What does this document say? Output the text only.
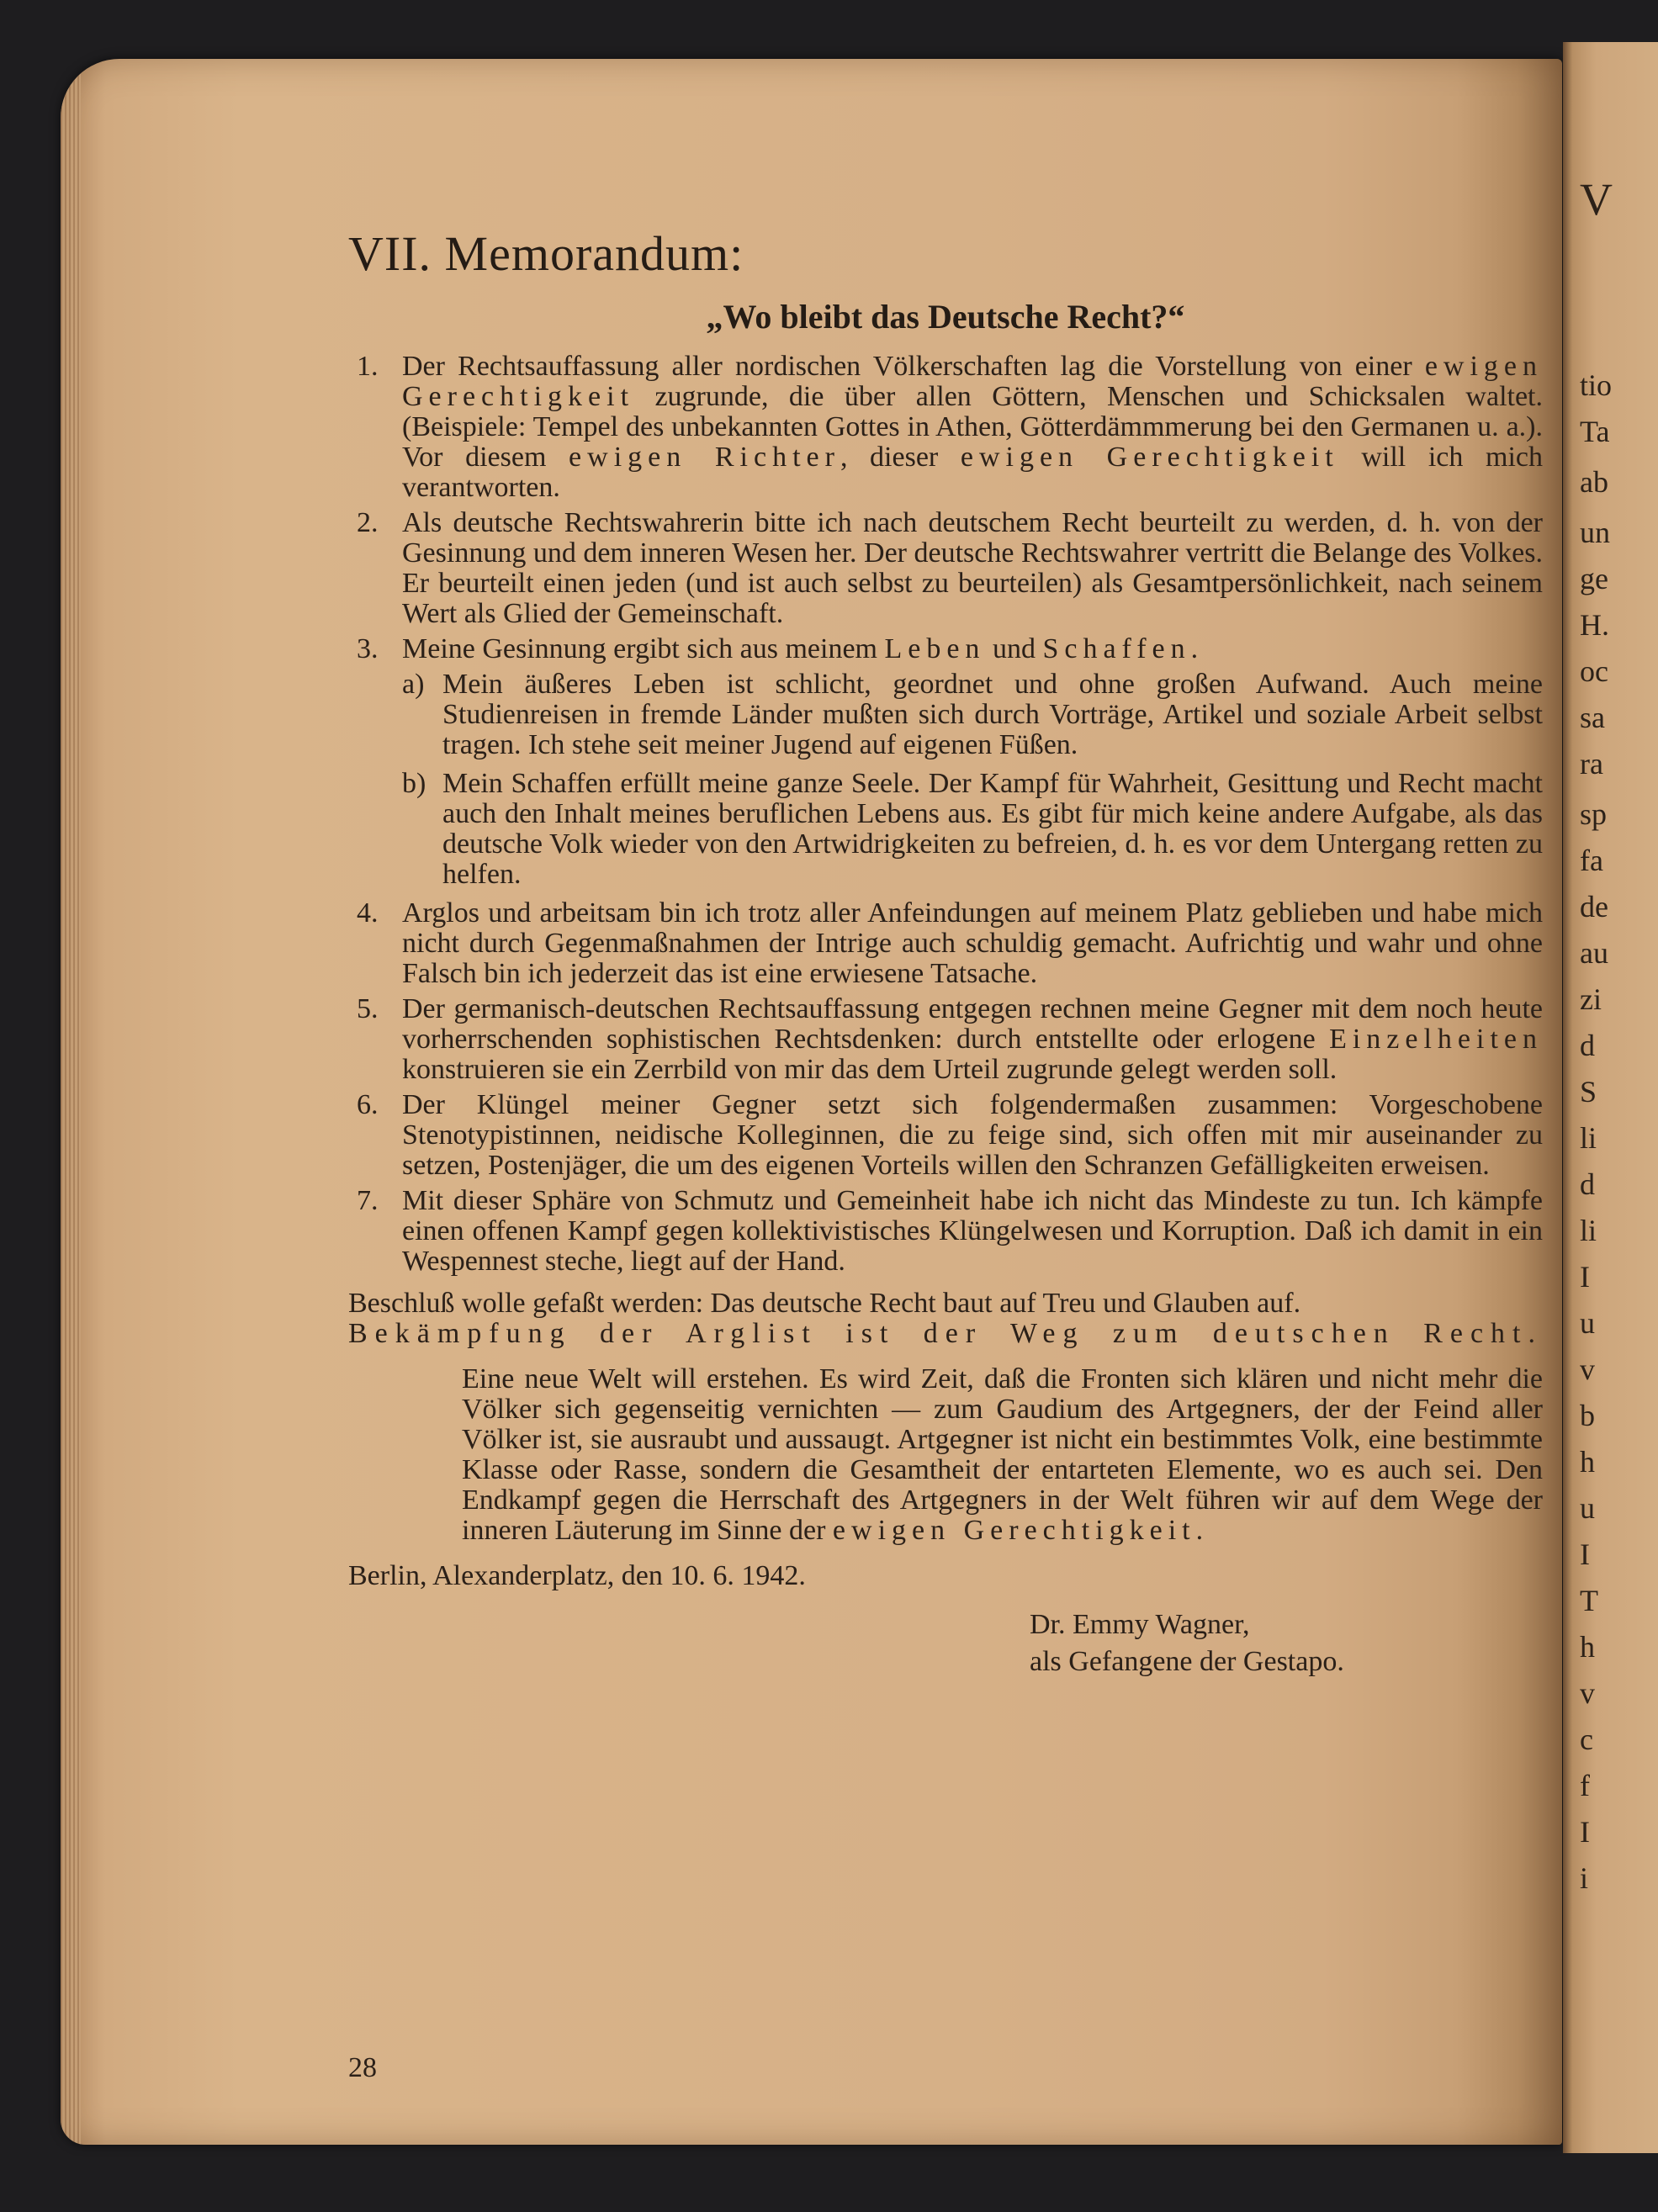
VII. Memorandum:
„Wo bleibt das Deutsche Recht?“
1. Der Rechtsauffassung aller nordischen Völkerschaften lag die Vorstellung von einer ewigen Gerechtigkeit zugrunde, die über allen Göttern, Menschen und Schicksalen waltet. (Beispiele: Tempel des unbekannten Gottes in Athen, Götterdämmmerung bei den Germanen u. a.). Vor diesem ewigen Richter, dieser ewigen Gerechtigkeit will ich mich verantworten.
2. Als deutsche Rechtswahrerin bitte ich nach deutschem Recht beurteilt zu werden, d. h. von der Gesinnung und dem inneren Wesen her. Der deutsche Rechtswahrer vertritt die Belange des Volkes. Er beurteilt einen jeden (und ist auch selbst zu beurteilen) als Gesamtpersönlichkeit, nach seinem Wert als Glied der Gemeinschaft.
3. Meine Gesinnung ergibt sich aus meinem Leben und Schaffen.
a) Mein äußeres Leben ist schlicht, geordnet und ohne großen Aufwand. Auch meine Studienreisen in fremde Länder mußten sich durch Vorträge, Artikel und soziale Arbeit selbst tragen. Ich stehe seit meiner Jugend auf eigenen Füßen.
b) Mein Schaffen erfüllt meine ganze Seele. Der Kampf für Wahrheit, Gesittung und Recht macht auch den Inhalt meines beruflichen Lebens aus. Es gibt für mich keine andere Aufgabe, als das deutsche Volk wieder von den Artwidrigkeiten zu befreien, d. h. es vor dem Untergang retten zu helfen.
4. Arglos und arbeitsam bin ich trotz aller Anfeindungen auf meinem Platz geblieben und habe mich nicht durch Gegenmaßnahmen der Intrige auch schuldig gemacht. Aufrichtig und wahr und ohne Falsch bin ich jederzeit das ist eine erwiesene Tatsache.
5. Der germanisch-deutschen Rechtsauffassung entgegen rechnen meine Gegner mit dem noch heute vorherrschenden sophistischen Rechtsdenken: durch entstellte oder erlogene Einzelheiten konstruieren sie ein Zerrbild von mir das dem Urteil zugrunde gelegt werden soll.
6. Der Klüngel meiner Gegner setzt sich folgendermaßen zusammen: Vorgeschobene Stenotypistinnen, neidische Kolleginnen, die zu feige sind, sich offen mit mir auseinander zu setzen, Postenjäger, die um des eigenen Vorteils willen den Schranzen Gefälligkeiten erweisen.
7. Mit dieser Sphäre von Schmutz und Gemeinheit habe ich nicht das Mindeste zu tun. Ich kämpfe einen offenen Kampf gegen kollektivistisches Klüngelwesen und Korruption. Daß ich damit in ein Wespennest steche, liegt auf der Hand.
Beschluß wolle gefaßt werden: Das deutsche Recht baut auf Treu und Glauben auf.
Bekämpfung der Arglist ist der Weg zum deutschen Recht.
Eine neue Welt will erstehen. Es wird Zeit, daß die Fronten sich klären und nicht mehr die Völker sich gegenseitig vernichten — zum Gaudium des Artgegners, der der Feind aller Völker ist, sie ausraubt und aussaugt. Artgegner ist nicht ein bestimmtes Volk, eine bestimmte Klasse oder Rasse, sondern die Gesamtheit der entarteten Elemente, wo es auch sei. Den Endkampf gegen die Herrschaft des Artgegners in der Welt führen wir auf dem Wege der inneren Läuterung im Sinne der ewigen Gerechtigkeit.
Berlin, Alexanderplatz, den 10. 6. 1942.
Dr. Emmy Wagner,
als Gefangene der Gestapo.
28
V
tio
Ta
ab
un
ge
H.
oc
sa
ra
sp
fa
de
au
zi
d
S
li
d
li
I
u
v
b
h
u
I
T
h
v
c
f
I
i
